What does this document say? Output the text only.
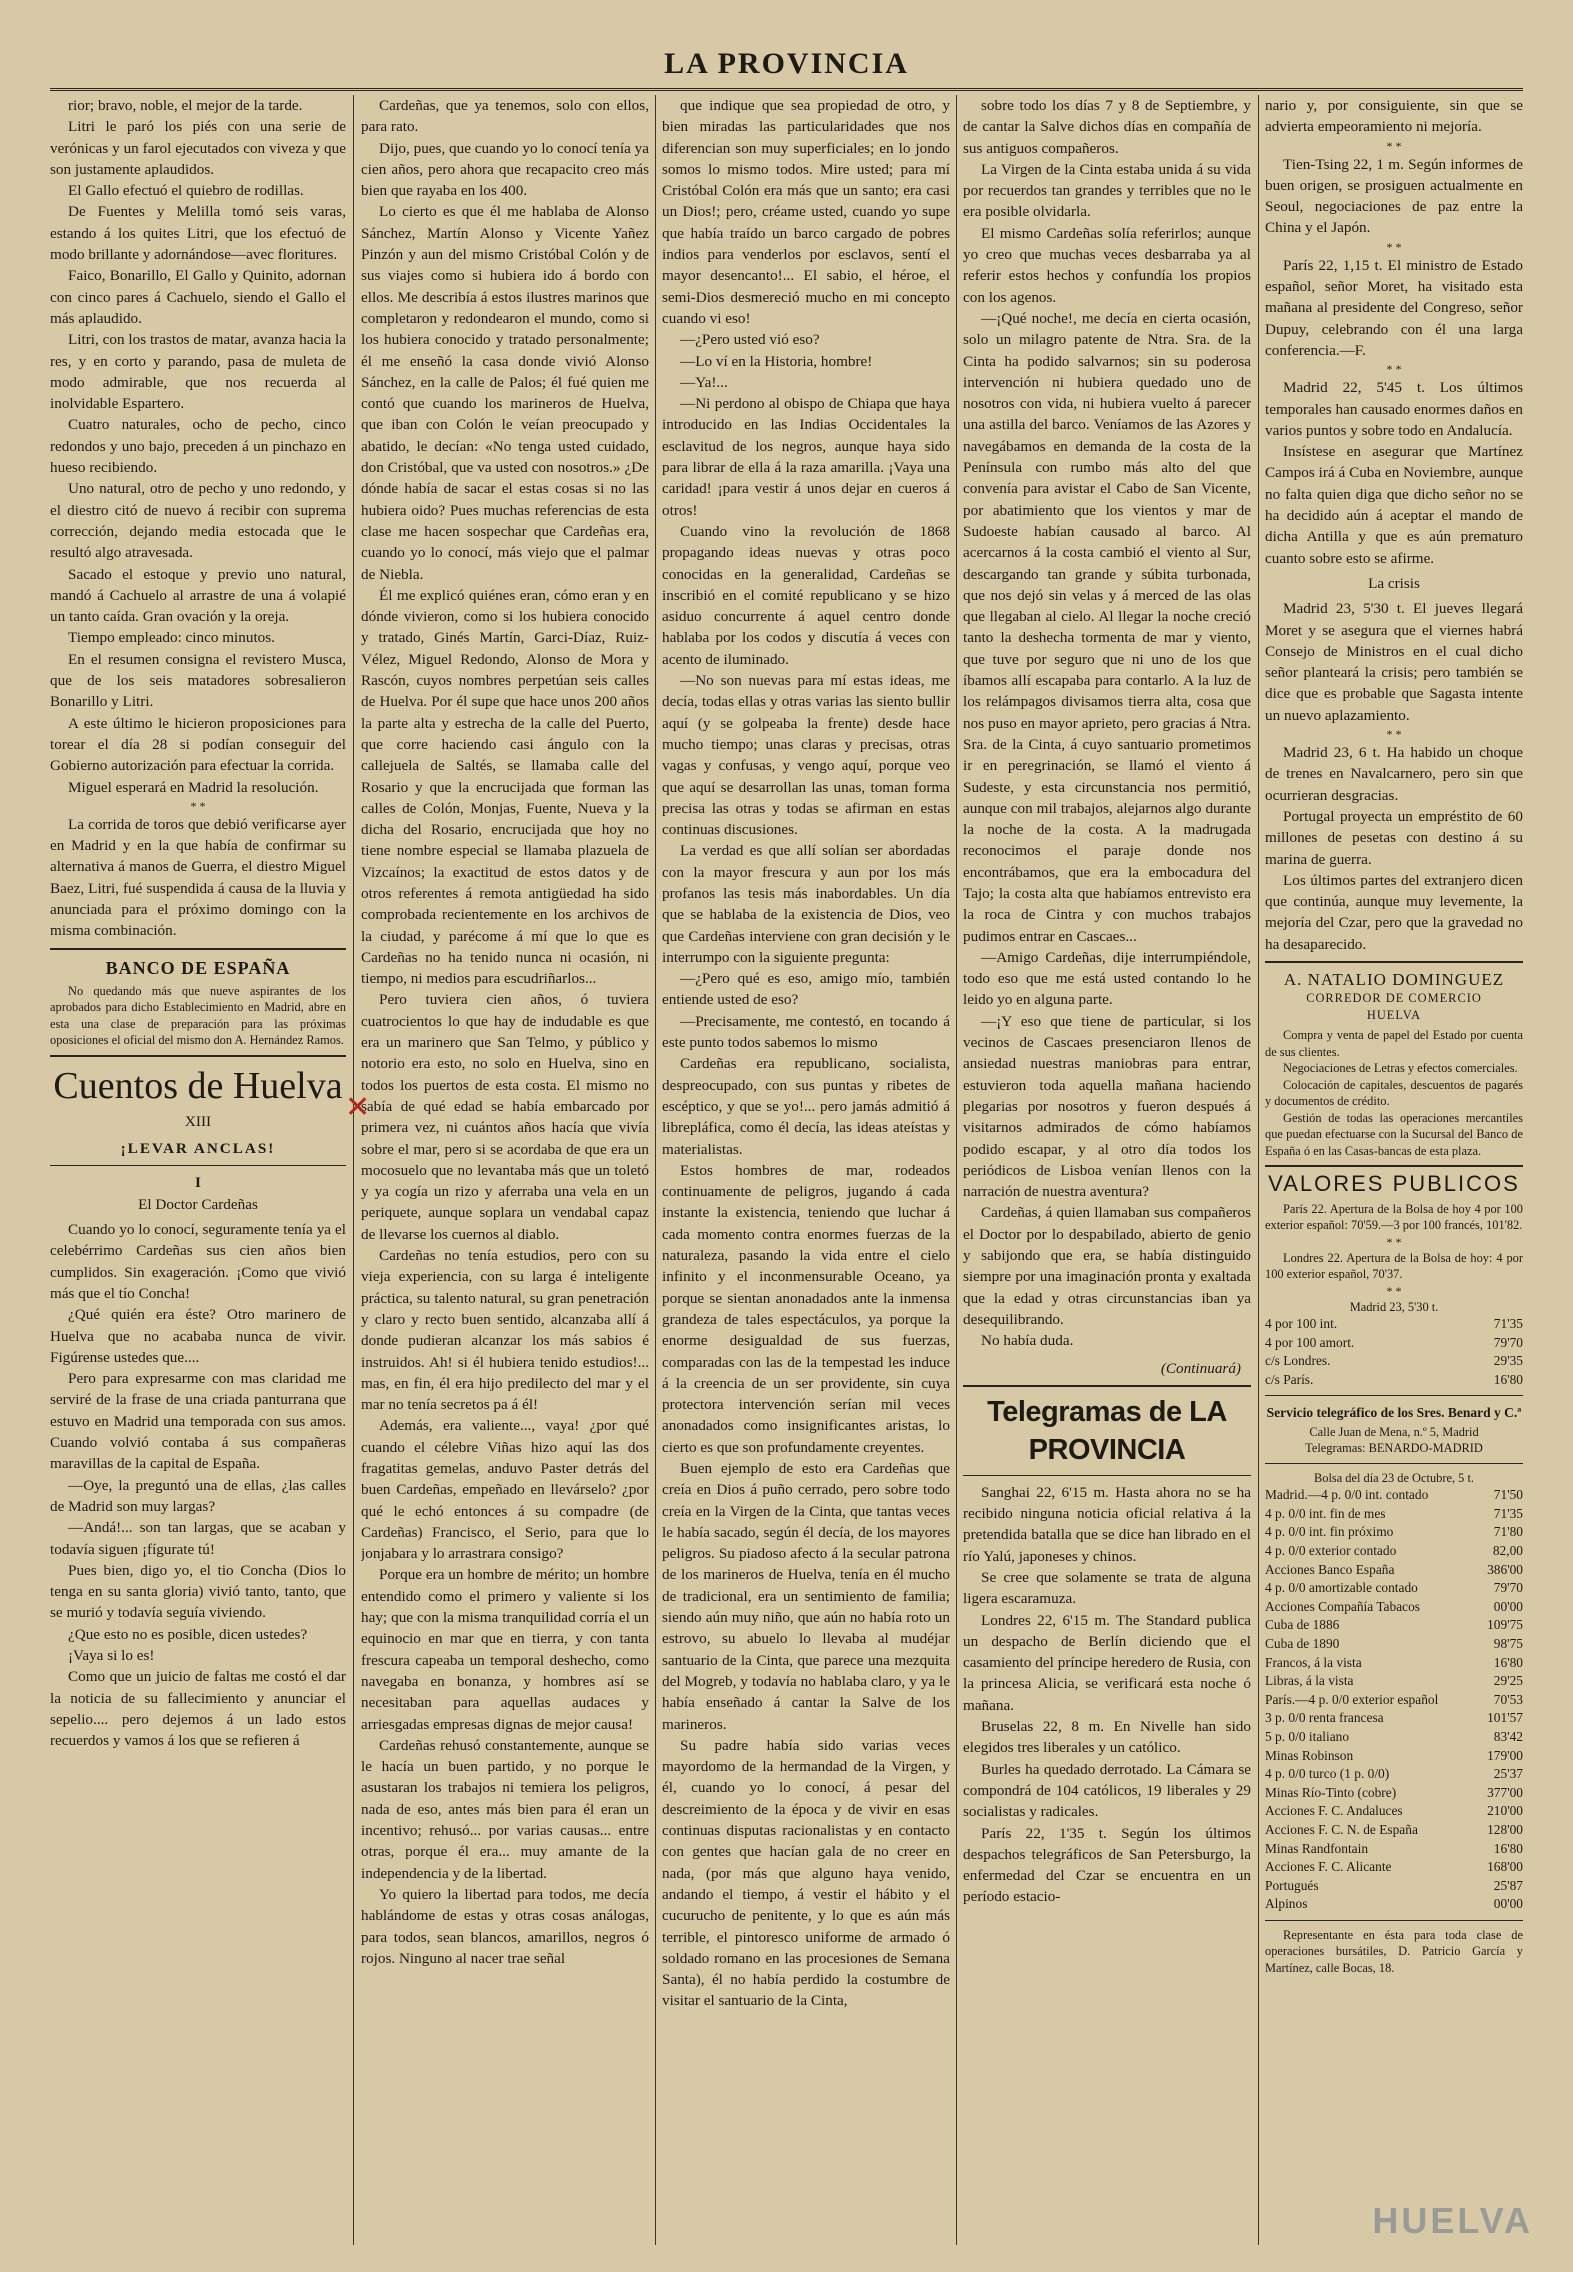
LA PROVINCIA

rior; bravo, noble, el mejor de la tarde.

Litri le paró los piés con una serie de verónicas y un farol ejecutados con viveza y que son justamente aplaudidos.

El Gallo efectuó el quiebro de rodillas.

De Fuentes y Melilla tomó seis varas, estando á los quites Litri, que los efectuó de modo brillante y adornándose—avec floritures.

Faico, Bonarillo, El Gallo y Quinito, adornan con cinco pares á Cachuelo, siendo el Gallo el más aplaudido.

Litri, con los trastos de matar, avanza hacia la res, y en corto y parando, pasa de muleta de modo admirable, que nos recuerda al inolvidable Espartero.

Cuatro naturales, ocho de pecho, cinco redondos y uno bajo, preceden á un pinchazo en hueso recibiendo.

Uno natural, otro de pecho y uno redondo, y el diestro citó de nuevo á recibir con suprema corrección, dejando media estocada que le resultó algo atravesada.

Sacado el estoque y previo uno natural, mandó á Cachuelo al arrastre de una á volapié un tanto caída. Gran ovación y la oreja.

Tiempo empleado: cinco minutos.

En el resumen consigna el revistero Musca, que de los seis matadores sobresalieron Bonarillo y Litri.

A este último le hicieron proposiciones para torear el día 28 si podían conseguir del Gobierno autorización para efectuar la corrida.

Miguel esperará en Madrid la resolución.

* *

La corrida de toros que debió verificarse ayer en Madrid y en la que había de confirmar su alternativa á manos de Guerra, el diestro Miguel Baez, Litri, fué suspendida á causa de la lluvia y anunciada para el próximo domingo con la misma combinación.

BANCO DE ESPAÑA

No quedando más que nueve aspirantes de los aprobados para dicho Establecimiento en Madrid, abre en esta una clase de preparación para las próximas oposiciones el oficial del mismo don A. Hernández Ramos.

Cuentos de Huelva
XIII
¡LEVAR ANCLAS!
I
El Doctor Cardeñas

Cuando yo lo conocí, seguramente tenía ya el celebérrimo Cardeñas sus cien años bien cumplidos. Sin exageración. ¡Como que vivió más que el tío Concha!

¿Qué quién era éste? Otro marinero de Huelva que no acababa nunca de vivir. Figúrense ustedes que....

Pero para expresarme con mas claridad me serviré de la frase de una criada panturrana que estuvo en Madrid una temporada con sus amos. Cuando volvió contaba á sus compañeras maravillas de la capital de España.

—Oye, la preguntó una de ellas, ¿las calles de Madrid son muy largas?

—Andá!... son tan largas, que se acaban y todavía siguen ¡fígurate tú!

Pues bien, digo yo, el tio Concha (Dios lo tenga en su santa gloria) vivió tanto, tanto, que se murió y todavía seguía viviendo.

¿Que esto no es posible, dicen ustedes?

¡Vaya si lo es!

Como que un juicio de faltas me costó el dar la noticia de su fallecimiento y anunciar el sepelio.... pero dejemos á un lado estos recuerdos y vamos á los que se refieren á

Cardeñas, que ya tenemos, solo con ellos, para rato.

Dijo, pues, que cuando yo lo conocí tenía ya cien años, pero ahora que recapacito creo más bien que rayaba en los 400.

Lo cierto es que él me hablaba de Alonso Sánchez, Martín Alonso y Vicente Yañez Pinzón y aun del mismo Cristóbal Colón y de sus viajes como si hubiera ido á bordo con ellos. Me describía á estos ilustres marinos que completaron y redondearon el mundo, como si los hubiera conocido y tratado personalmente; él me enseñó la casa donde vivió Alonso Sánchez, en la calle de Palos; él fué quien me contó que cuando los marineros de Huelva, que iban con Colón le veían preocupado y abatido, le decían: «No tenga usted cuidado, don Cristóbal, que va usted con nosotros.» ¿De dónde había de sacar el estas cosas si no las hubiera oido? Pues muchas referencias de esta clase me hacen sospechar que Cardeñas era, cuando yo lo conocí, más viejo que el palmar de Niebla.

Él me explicó quiénes eran, cómo eran y en dónde vivieron, como si los hubiera conocido y tratado, Ginés Martín, Garci-Díaz, Ruiz-Vélez, Miguel Redondo, Alonso de Mora y Rascón, cuyos nombres perpetúan seis calles de Huelva. Por él supe que hace unos 200 años la parte alta y estrecha de la calle del Puerto, que corre haciendo casi ángulo con la callejuela de Saltés, se llamaba calle del Rosario y que la encrucijada que forman las calles de Colón, Monjas, Fuente, Nueva y la dicha del Rosario, encrucijada que hoy no tiene nombre especial se llamaba plazuela de Vizcaínos; la exactitud de estos datos y de otros referentes á remota antigüedad ha sido comprobada recientemente en los archivos de la ciudad, y parécome á mí que lo que es Cardeñas no ha tenido nunca ni ocasión, ni tiempo, ni medios para escudriñarlos...

Pero tuviera cien años, ó tuviera cuatrocientos lo que hay de indudable es que era un marinero que San Telmo, y público y notorio era esto, no solo en Huelva, sino en todos los puertos de esta costa. El mismo no sabía de qué edad se había embarcado por primera vez, ni cuántos años hacía que vivía sobre el mar, pero si se acordaba de que era un mocosuelo que no levantaba más que un toletó y ya cogía un rizo y aferraba una vela en un periquete, aunque soplara un vendabal capaz de llevarse los cuernos al diablo.

Cardeñas no tenía estudios, pero con su vieja experiencia, con su larga é inteligente práctica, su talento natural, su gran penetración y claro y recto buen sentido, alcanzaba allí á donde pudieran alcanzar los más sabios é instruidos. Ah! si él hubiera tenido estudios!... mas, en fin, él era hijo predilecto del mar y el mar no tenía secretos pa á él!

Además, era valiente..., vaya! ¿por qué cuando el célebre Viñas hizo aquí las dos fragatitas gemelas, anduvo Paster detrás del buen Cardeñas, empeñado en llevárselo? ¿por qué le echó entonces á su compadre (de Cardeñas) Francisco, el Serio, para que lo jonjabara y lo arrastrara consigo?

Porque era un hombre de mérito; un hombre entendido como el primero y valiente si los hay; que con la misma tranquilidad corría el un equinocio en mar que en tierra, y con tanta frescura capeaba un temporal deshecho, como navegaba en bonanza, y hombres así se necesitaban para aquellas audaces y arriesgadas empresas dignas de mejor causa!

Cardeñas rehusó constantemente, aunque se le hacía un buen partido, y no porque le asustaran los trabajos ni temiera los peligros, nada de eso, antes más bien para él eran un incentivo; rehusó... por varias causas... entre otras, porque él era... muy amante de la independencia y de la libertad.

Yo quiero la libertad para todos, me decía hablándome de estas y otras cosas análogas, para todos, sean blancos, amarillos, negros ó rojos. Ninguno al nacer trae señal

que indique que sea propiedad de otro, y bien miradas las particularidades que nos diferencian son muy superficiales; en lo jondo somos lo mismo todos. Mire usted; para mí Cristóbal Colón era más que un santo; era casi un Dios!; pero, créame usted, cuando yo supe que había traído un barco cargado de pobres indios para venderlos por esclavos, sentí el mayor desencanto!... El sabio, el héroe, el semi-Dios desmereció mucho en mi concepto cuando vi eso!

—¿Pero usted vió eso?

—Lo ví en la Historia, hombre!

—Ya!...

—Ni perdono al obispo de Chiapa que haya introducido en las Indias Occidentales la esclavitud de los negros, aunque haya sido para librar de ella á la raza amarilla. ¡Vaya una caridad! ¡para vestir á unos dejar en cueros á otros!

Cuando vino la revolución de 1868 propagando ideas nuevas y otras poco conocidas en la generalidad, Cardeñas se inscribió en el comité republicano y se hizo asiduo concurrente á aquel centro donde hablaba por los codos y discutía á veces con acento de iluminado.

—No son nuevas para mí estas ideas, me decía, todas ellas y otras varias las siento bullir aquí (y se golpeaba la frente) desde hace mucho tiempo; unas claras y precisas, otras vagas y confusas, y vengo aquí, porque veo que aquí se desarrollan las unas, toman forma precisa las otras y todas se afirman en estas continuas discusiones.

La verdad es que allí solían ser abordadas con la mayor frescura y aun por los más profanos las tesis más inabordables. Un día que se hablaba de la existencia de Dios, veo que Cardeñas interviene con gran decisión y le interrumpo con la siguiente pregunta:

—¿Pero qué es eso, amigo mío, también entiende usted de eso?

—Precisamente, me contestó, en tocando á este punto todos sabemos lo mismo

Cardeñas era republicano, socialista, despreocupado, con sus puntas y ribetes de escéptico, y que se yo!... pero jamás admitió á librepláfica, como él decía, las ideas ateístas y materialistas.

Estos hombres de mar, rodeados continuamente de peligros, jugando á cada instante la existencia, teniendo que luchar á cada momento contra enormes fuerzas de la naturaleza, pasando la vida entre el cielo infinito y el inconmensurable Oceano, ya porque se sientan anonadados ante la inmensa grandeza de tales espectáculos, ya porque la enorme desigualdad de sus fuerzas, comparadas con las de la tempestad les induce á la creencia de un ser providente, sin cuya protectora intervención serían mil veces anonadados como insignificantes aristas, lo cierto es que son profundamente creyentes.

Buen ejemplo de esto era Cardeñas que creía en Dios á puño cerrado, pero sobre todo creía en la Virgen de la Cinta, que tantas veces le había sacado, según él decía, de los mayores peligros. Su piadoso afecto á la secular patrona de los marineros de Huelva, tenía en él mucho de tradicional, era un sentimiento de familia; siendo aún muy niño, que aún no había roto un estrovo, su abuelo lo llevaba al mudéjar santuario de la Cinta, que parece una mezquita del Mogreb, y todavía no hablaba claro, y ya le había enseñado á cantar la Salve de los marineros.

Su padre había sido varias veces mayordomo de la hermandad de la Virgen, y él, cuando yo lo conocí, á pesar del descreimiento de la época y de vivir en esas continuas disputas racionalistas y en contacto con gentes que hacían gala de no creer en nada, (por más que alguno haya venido, andando el tiempo, á vestir el hábito y el cucurucho de penitente, y lo que es aún más terrible, el pintoresco uniforme de armado ó soldado romano en las procesiones de Semana Santa), él no había perdido la costumbre de visitar el santuario de la Cinta,

sobre todo los días 7 y 8 de Septiembre, y de cantar la Salve dichos días en compañía de sus antiguos compañeros.

La Virgen de la Cinta estaba unida á su vida por recuerdos tan grandes y terribles que no le era posible olvidarla.

El mismo Cardeñas solía referirlos; aunque yo creo que muchas veces desbarraba ya al referir estos hechos y confundía los propios con los agenos.

—¡Qué noche!, me decía en cierta ocasión, solo un milagro patente de Ntra. Sra. de la Cinta ha podido salvarnos; sin su poderosa intervención ni hubiera quedado uno de nosotros con vida, ni hubiera vuelto á parecer una astilla del barco. Veníamos de las Azores y navegábamos en demanda de la costa de la Península con rumbo más alto del que convenía para avistar el Cabo de San Vicente, por abatimiento que los vientos y mar de Sudoeste habían causado al barco. Al acercarnos á la costa cambió el viento al Sur, descargando tan grande y súbita turbonada, que nos dejó sin velas y á merced de las olas que llegaban al cielo. Al llegar la noche creció tanto la deshecha tormenta de mar y viento, que tuve por seguro que ni uno de los que íbamos allí escapaba para contarlo. A la luz de los relámpagos divisamos tierra alta, cosa que nos puso en mayor aprieto, pero gracias á Ntra. Sra. de la Cinta, á cuyo santuario prometimos ir en peregrinación, se llamó el viento á Sudeste, y esta circunstancia nos permitió, aunque con mil trabajos, alejarnos algo durante la noche de la costa. A la madrugada reconocimos el paraje donde nos encontrábamos, que era la embocadura del Tajo; la costa alta que habíamos entrevisto era la roca de Cintra y con muchos trabajos pudimos entrar en Cascaes...

—Amigo Cardeñas, dije interrumpiéndole, todo eso que me está usted contando lo he leido yo en alguna parte.

—¡Y eso que tiene de particular, si los vecinos de Cascaes presenciaron llenos de ansiedad nuestras maniobras para entrar, estuvieron toda aquella mañana haciendo plegarias por nosotros y fueron después á visitarnos admirados de cómo habíamos podido escapar, y al otro día todos los periódicos de Lisboa venían llenos con la narración de nuestra aventura?

Cardeñas, á quien llamaban sus compañeros el Doctor por lo despabilado, abierto de genio y sabijondo que era, se había distinguido siempre por una imaginación pronta y exaltada que la edad y otras circunstancias iban ya desequilibrando.

No había duda.

(Continuará)
Telegramas de LA PROVINCIA

Sanghai 22, 6'15 m. Hasta ahora no se ha recibido ninguna noticia oficial relativa á la pretendida batalla que se dice han librado en el río Yalú, japoneses y chinos.

Se cree que solamente se trata de alguna ligera escaramuza.

Londres 22, 6'15 m. The Standard publica un despacho de Berlín diciendo que el casamiento del príncipe heredero de Rusia, con la princesa Alicia, se verificará esta noche ó mañana.

Bruselas 22, 8 m. En Nivelle han sido elegidos tres liberales y un católico.

Burles ha quedado derrotado. La Cámara se compondrá de 104 católicos, 19 liberales y 29 socialistas y radicales.

París 22, 1'35 t. Según los últimos despachos telegráficos de San Petersburgo, la enfermedad del Czar se encuentra en un período estacio-

nario y, por consiguiente, sin que se advierta empeoramiento ni mejoría.

* *

Tien-Tsing 22, 1 m. Según informes de buen origen, se prosiguen actualmente en Seoul, negociaciones de paz entre la China y el Japón.

* *

París 22, 1,15 t. El ministro de Estado español, señor Moret, ha visitado esta mañana al presidente del Congreso, señor Dupuy, celebrando con él una larga conferencia.—F.

* *

Madrid 22, 5'45 t. Los últimos temporales han causado enormes daños en varios puntos y sobre todo en Andalucía.

Insístese en asegurar que Martínez Campos irá á Cuba en Noviembre, aunque no falta quien diga que dicho señor no se ha decidido aún á aceptar el mando de dicha Antilla y que es aún prematuro cuanto sobre esto se afirme.

La crisis

Madrid 23, 5'30 t. El jueves llegará Moret y se asegura que el viernes habrá Consejo de Ministros en el cual dicho señor planteará la crisis; pero también se dice que es probable que Sagasta intente un nuevo aplazamiento.

* *

Madrid 23, 6 t. Ha habido un choque de trenes en Navalcarnero, pero sin que ocurrieran desgracias.

Portugal proyecta un empréstito de 60 millones de pesetas con destino á su marina de guerra.

Los últimos partes del extranjero dicen que continúa, aunque muy levemente, la mejoría del Czar, pero que la gravedad no ha desaparecido.

A. NATALIO DOMINGUEZ
CORREDOR DE COMERCIO
HUELVA

Compra y venta de papel del Estado por cuenta de sus clientes.

Negociaciones de Letras y efectos comerciales.

Colocación de capitales, descuentos de pagarés y documentos de crédito.

Gestión de todas las operaciones mercantiles que puedan efectuarse con la Sucursal del Banco de España ó en las Casas-bancas de esta plaza.

VALORES PUBLICOS

París 22. Apertura de la Bolsa de hoy 4 por 100 exterior español: 70'59.—3 por 100 francés, 101'82.

* *

Londres 22. Apertura de la Bolsa de hoy: 4 por 100 exterior español, 70'37.

* *
Madrid 23, 5'30 t.
4 por 100 int.	71'35
4 por 100 amort.	79'70
c/s Londres.	29'35
c/s París.	16'80
Servicio telegráfico de los Sres. Benard y C.ª
Calle Juan de Mena, n.º 5, Madrid
Telegramas: BENARDO-MADRID
Bolsa del día 23 de Octubre, 5 t.
Madrid.—4 p. 0/0 int. contado	71'50
4 p. 0/0 int. fin de mes	71'35
4 p. 0/0 int. fin próximo	71'80
4 p. 0/0 exterior contado	82,00
Acciones Banco España	386'00
4 p. 0/0 amortizable contado	79'70
Acciones Compañía Tabacos	00'00
Cuba de 1886	109'75
Cuba de 1890	98'75
Francos, á la vista	16'80
Libras, á la vista	29'25
París.—4 p. 0/0 exterior español	70'53
3 p. 0/0 renta francesa	101'57
5 p. 0/0 italiano	83'42
Minas Robinson	179'00
4 p. 0/0 turco (1 p. 0/0)	25'37
Minas Río-Tinto (cobre)	377'00
Acciones F. C. Andaluces	210'00
Acciones F. C. N. de España	128'00
Minas Randfontain	16'80
Acciones F. C. Alicante	168'00
Portugués	25'87
Alpinos	00'00

Representante en ésta para toda clase de operaciones bursátiles, D. Patricio García y Martínez, calle Bocas, 18.

✕
HUELVA
